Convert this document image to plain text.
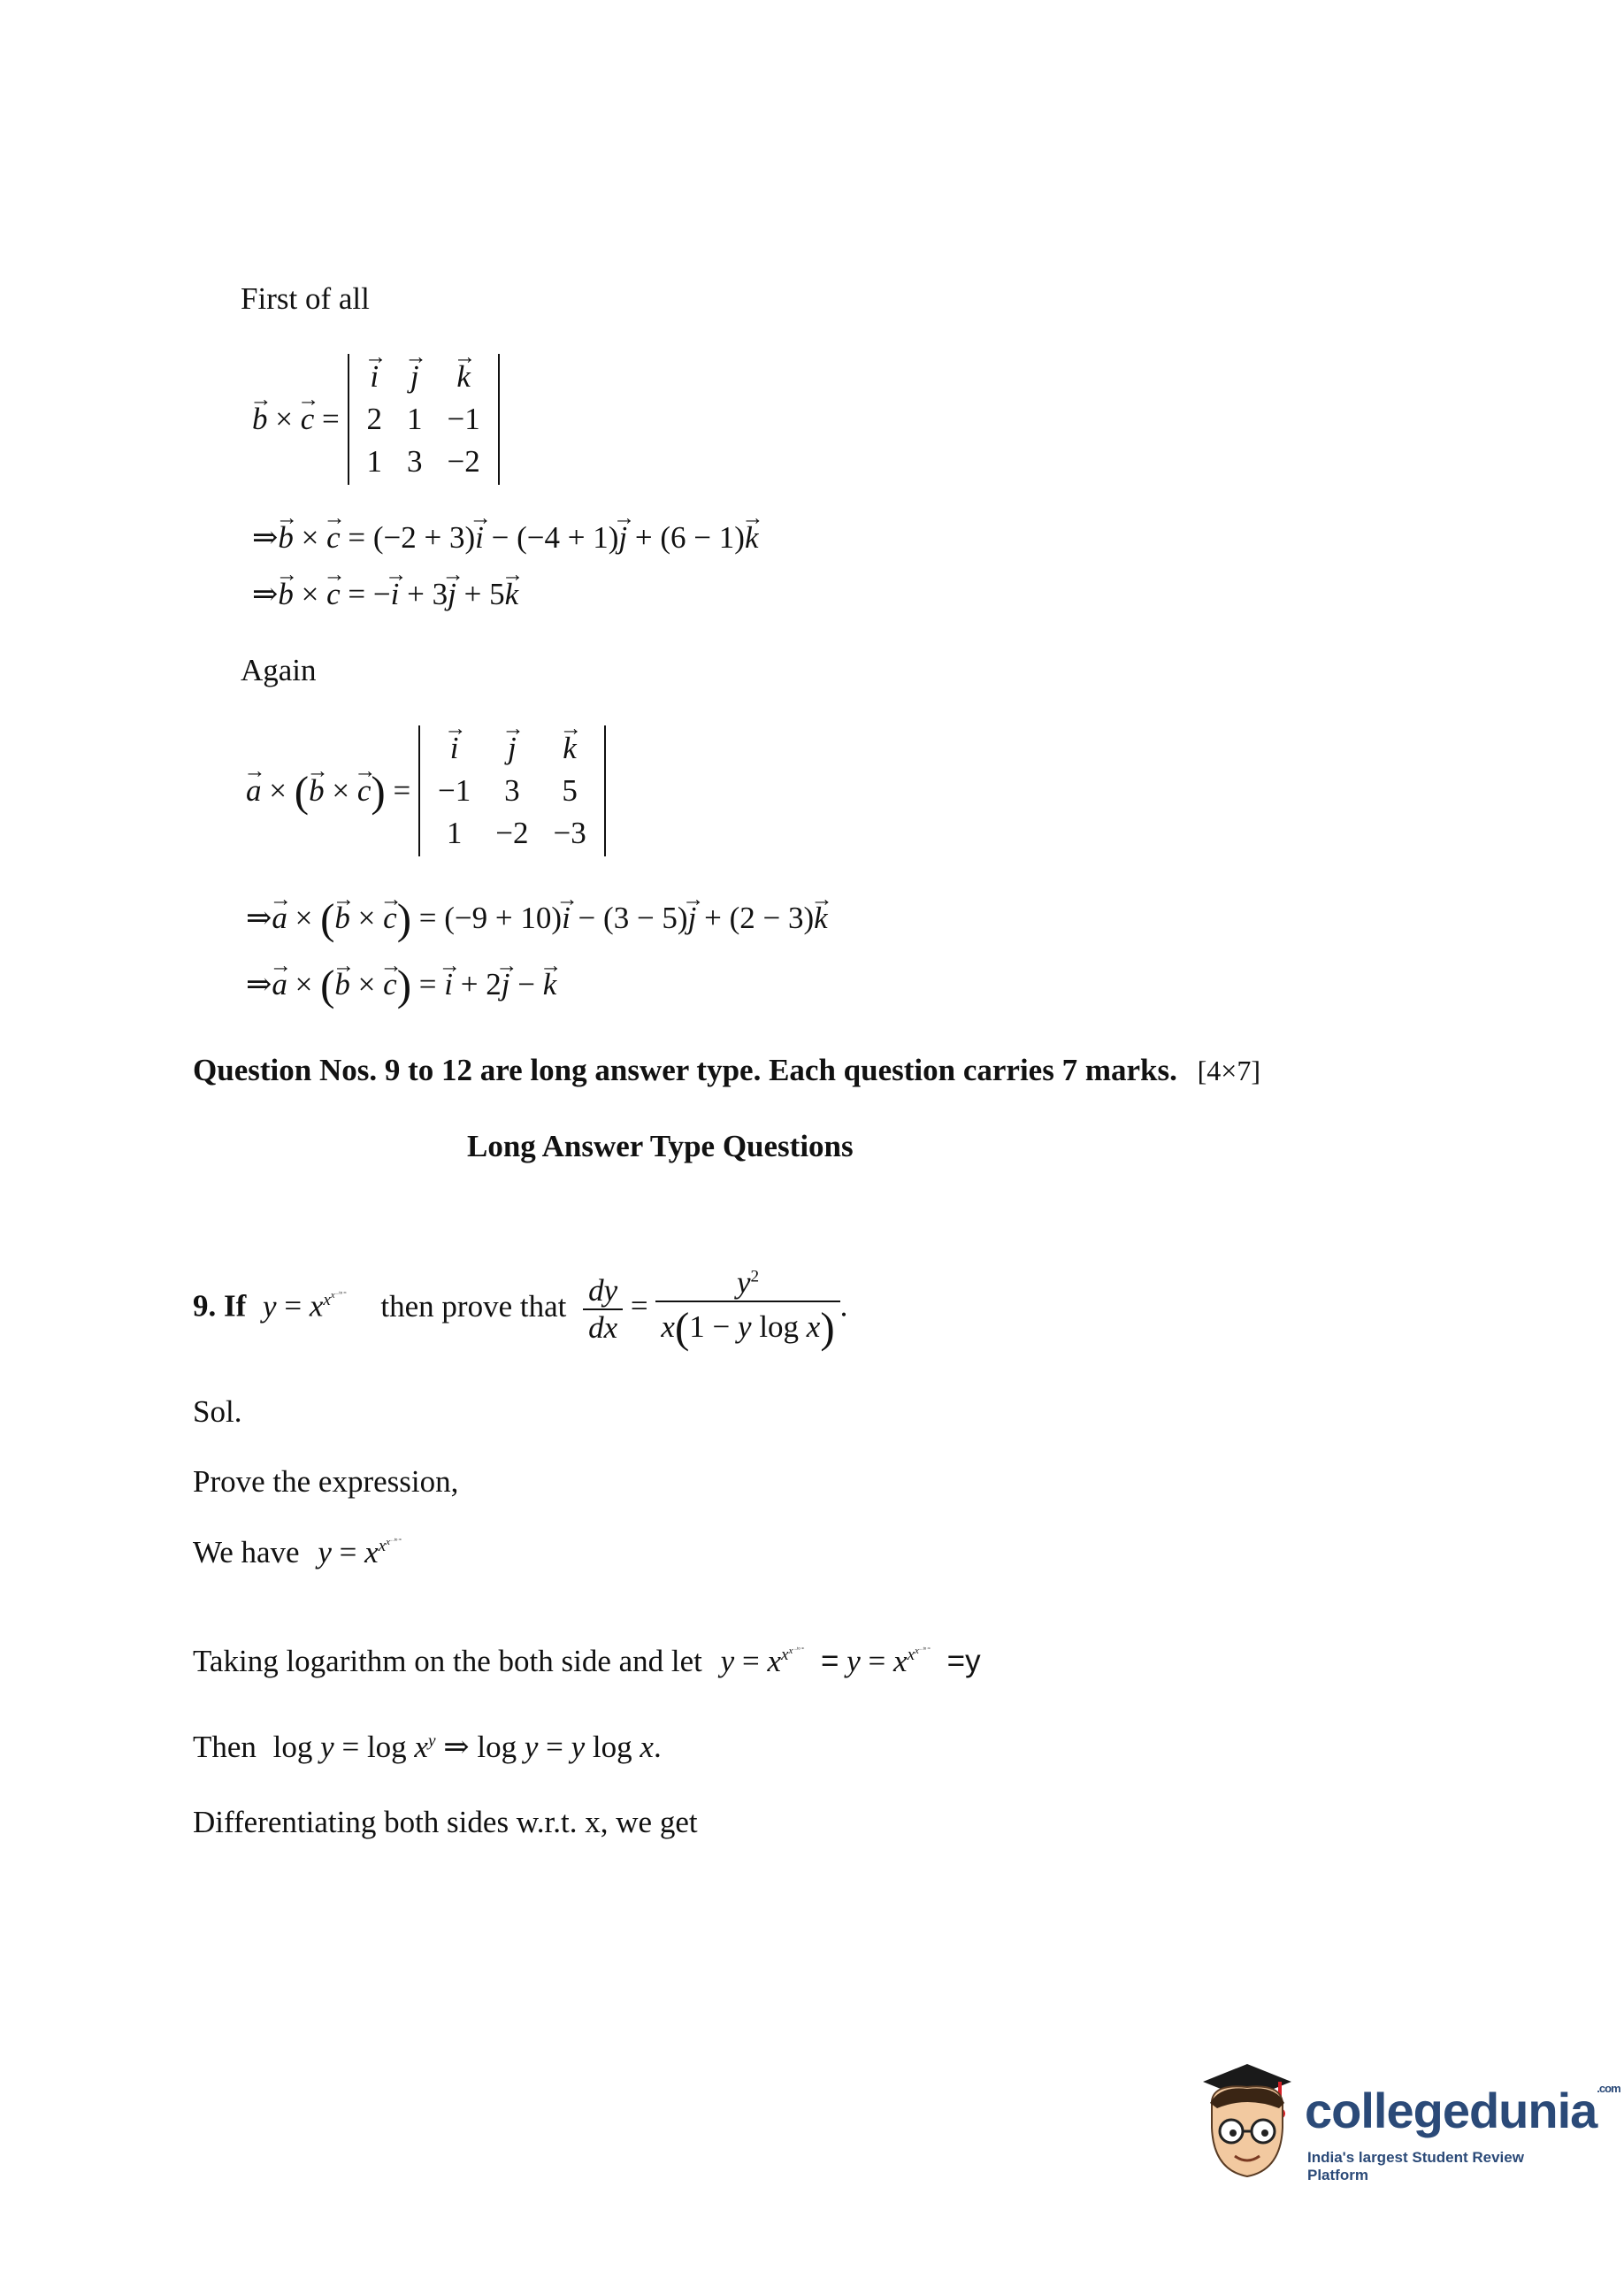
First of all
→ b × → c =
→ i	→ j	→ k
2	1	−1
1	3	−2
⇒→ b × → c = (−2 + 3)→ i − (−4 + 1)→ j + (6 − 1)→ k
⇒→ b × → c = −→ i + 3→ j + 5→ k
Again
→ a × (→ b × → c) =
→ i	→ j	→ k
−1	3	5
1	−2	−3
⇒→ a × (→ b × → c) = (−9 + 10)→ i − (3 − 5)→ j + (2 − 3)→ k
⇒→ a × (→ b × → c) = → i + 2→ j − → k
Question Nos. 9 to 12 are long answer type. Each question carries 7 marks. [4×7]
Long Answer Type Questions
9. If $y = x^{x^{x^{....to \infty}}}$ then prove that $\frac{dy}{dx} = \frac{y^2}{\text{x(1 − y log x)}}$ .
Sol.
Prove the expression,
We have $y = x^{x^{x^{....to \infty}}}$
Taking logarithm on the both side and let $y = x^{x^{x^{....to \infty}}} = y = x^{x^{x^{....to \infty}}} =y$
Then $\log y = \log x^y$ ⇒ log y = y log x.
Differentiating both sides w.r.t. x, we get
collegedunia$^{.com}$
India's largest Student Review Platform
